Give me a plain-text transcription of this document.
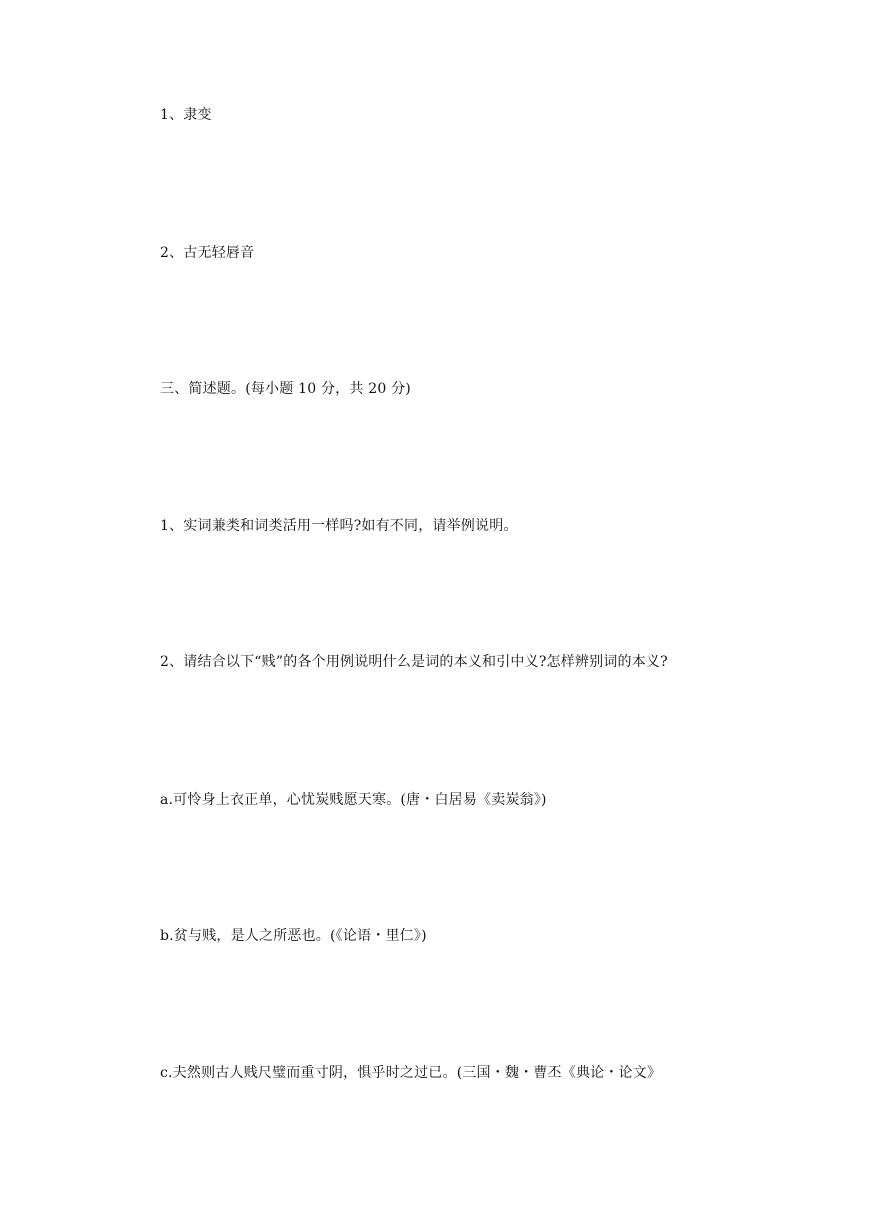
1、隶变
2、古无轻唇音
三、简述题。(每小题 10 分，共 20 分)
1、实词兼类和词类活用一样吗?如有不同，请举例说明。
2、请结合以下“贱”的各个用例说明什么是词的本义和引中义?怎样辨别词的本义?
a.可怜身上衣正单，心忧炭贱愿天寒。(唐・白居易《卖炭翁》)
b.贫与贱，是人之所恶也。(《论语・里仁》)
c.夫然则古人贱尺璧而重寸阴，惧乎时之过已。(三国・魏・曹丕《典论・论文》
